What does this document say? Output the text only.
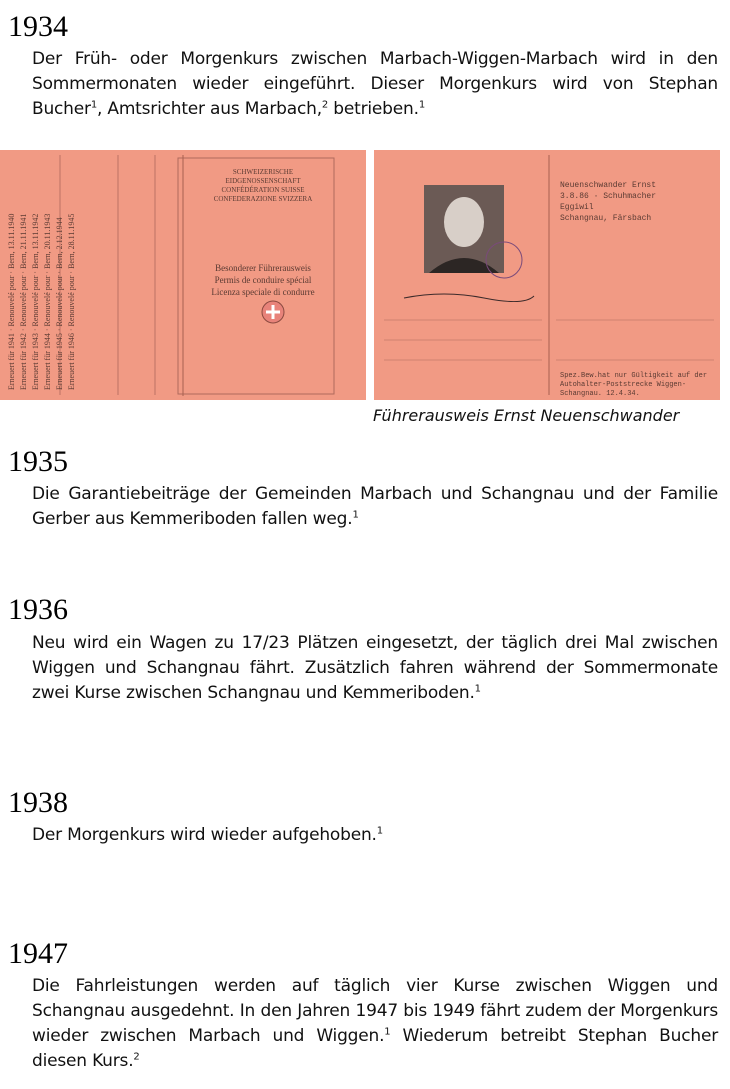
1934
Der Früh- oder Morgenkurs zwischen Marbach-Wiggen-Marbach wird in den Sommermonaten wieder eingeführt. Dieser Morgenkurs wird von Stephan Bucher$^1$, Amtsrichter aus Marbach,$^2$ betrieben.$^1$
SCHWEIZERISCHE EIDGENOSSENSCHAFT
CONFÉDÉRATION SUISSE
CONFEDERAZIONE SVIZZERA
Besonderer Führerausweis
Permis de conduire spécial
Licenza speciale di condurre
Erneuert für 1941 · Renouvelé pour · Bern, 13.11.1940 Erneuert für 1942 · Renouvelé pour · Bern, 21.11.1941 Erneuert für 1943 · Renouvelé pour · Bern, 13.11.1942 Erneuert für 1944 · Renouvelé pour · Bern, 20.11.1943 Erneuert für 1945 · Renouvelé pour · Bern, 2.12.1944 Erneuert für 1946 · Renouvelé pour · Bern, 28.11.1945
Neuenschwander Ernst
3.8.86 · Schuhmacher
Eggiwil
Schangnau, Färsbach
Spez.Bew.hat nur Gültigkeit auf der Autohalter-Poststrecke Wiggen-Schangnau. 12.4.34.
Führerausweis Ernst Neuenschwander
1935
Die Garantiebeiträge der Gemeinden Marbach und Schangnau und der Familie Gerber aus Kemmeriboden fallen weg.$^1$
1936
Neu wird ein Wagen zu 17/23 Plätzen eingesetzt, der täglich drei Mal zwischen Wiggen und Schangnau fährt. Zusätzlich fahren während der Sommermonate zwei Kurse zwischen Schangnau und Kemmeriboden.$^1$
1938
Der Morgenkurs wird wieder aufgehoben.$^1$
1947
Die Fahrleistungen werden auf täglich vier Kurse zwischen Wiggen und Schangnau ausgedehnt. In den Jahren 1947 bis 1949 fährt zudem der Morgenkurs wieder zwischen Marbach und Wiggen.$^1$ Wiederum betreibt Stephan Bucher diesen Kurs.$^2$
